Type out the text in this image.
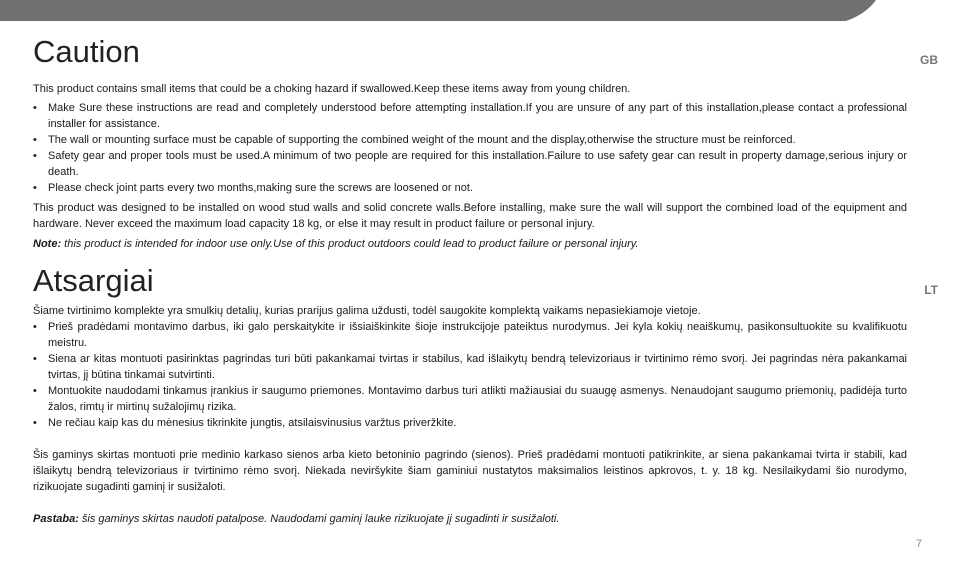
GB
LT
Caution

This product contains small items that could be a choking hazard if swallowed.Keep these items away from young children.

• Make Sure these instructions are read and completely understood before attempting installation.If you are unsure of any part of this installation,please contact a professional installer for assistance.
• The wall or mounting surface must be capable of supporting the combined weight of the mount and the display,otherwise the structure must be reinforced.
• Safety gear and proper tools must be used.A minimum of two people are required for this installation.Failure to use safety gear can result in property damage,serious injury or death.
• Please check joint parts every two months,making sure the screws are loosened or not.

This product was designed to be installed on wood stud walls and solid concrete walls.Before installing, make sure the wall will support the combined load of the equipment and hardware. Never exceed the maximum load capacity 18 kg, or else it may result in product failure or personal injury.

Note: this product is intended for indoor use only.Use of this product outdoors could lead to product failure or personal injury.

Atsargiai

Šiame tvirtinimo komplekte yra smulkių detalių, kurias prarijus galima uždusti, todėl saugokite komplektą vaikams nepasiekiamoje vietoje.

• Prieš pradėdami montavimo darbus, iki galo perskaitykite ir išsiaiškinkite šioje instrukcijoje pateiktus nurodymus. Jei kyla kokių neaiškumų, pasikonsultuokite su kvalifikuotu meistru.
• Siena ar kitas montuoti pasirinktas pagrindas turi būti pakankamai tvirtas ir stabilus, kad išlaikytų bendrą televizoriaus ir tvirtinimo rėmo svorį. Jei pagrindas nėra pakankamai tvirtas, jį būtina tinkamai sutvirtinti.
• Montuokite naudodami tinkamus įrankius ir saugumo priemones. Montavimo darbus turi atlikti mažiausiai du suaugę asmenys. Nenaudojant saugumo priemonių, padidėja turto žalos, rimtų ir mirtinų sužalojimų rizika.
• Ne rečiau kaip kas du mėnesius tikrinkite jungtis, atsilaisvinusius varžtus priveržkite.

Šis gaminys skirtas montuoti prie medinio karkaso sienos arba kieto betoninio pagrindo (sienos). Prieš pradėdami montuoti patikrinkite, ar siena pakankamai tvirta ir stabili, kad išlaikytų bendrą televizoriaus ir tvirtinimo rėmo svorį. Niekada neviršykite šiam gaminiui nustatytos maksimalios leistinos apkrovos, t. y. 18 kg. Nesilaikydami šio nurodymo, rizikuojate sugadinti gaminį ir susižaloti.

Pastaba: šis gaminys skirtas naudoti patalpose. Naudodami gaminį lauke rizikuojate jį sugadinti ir susižaloti.

7
